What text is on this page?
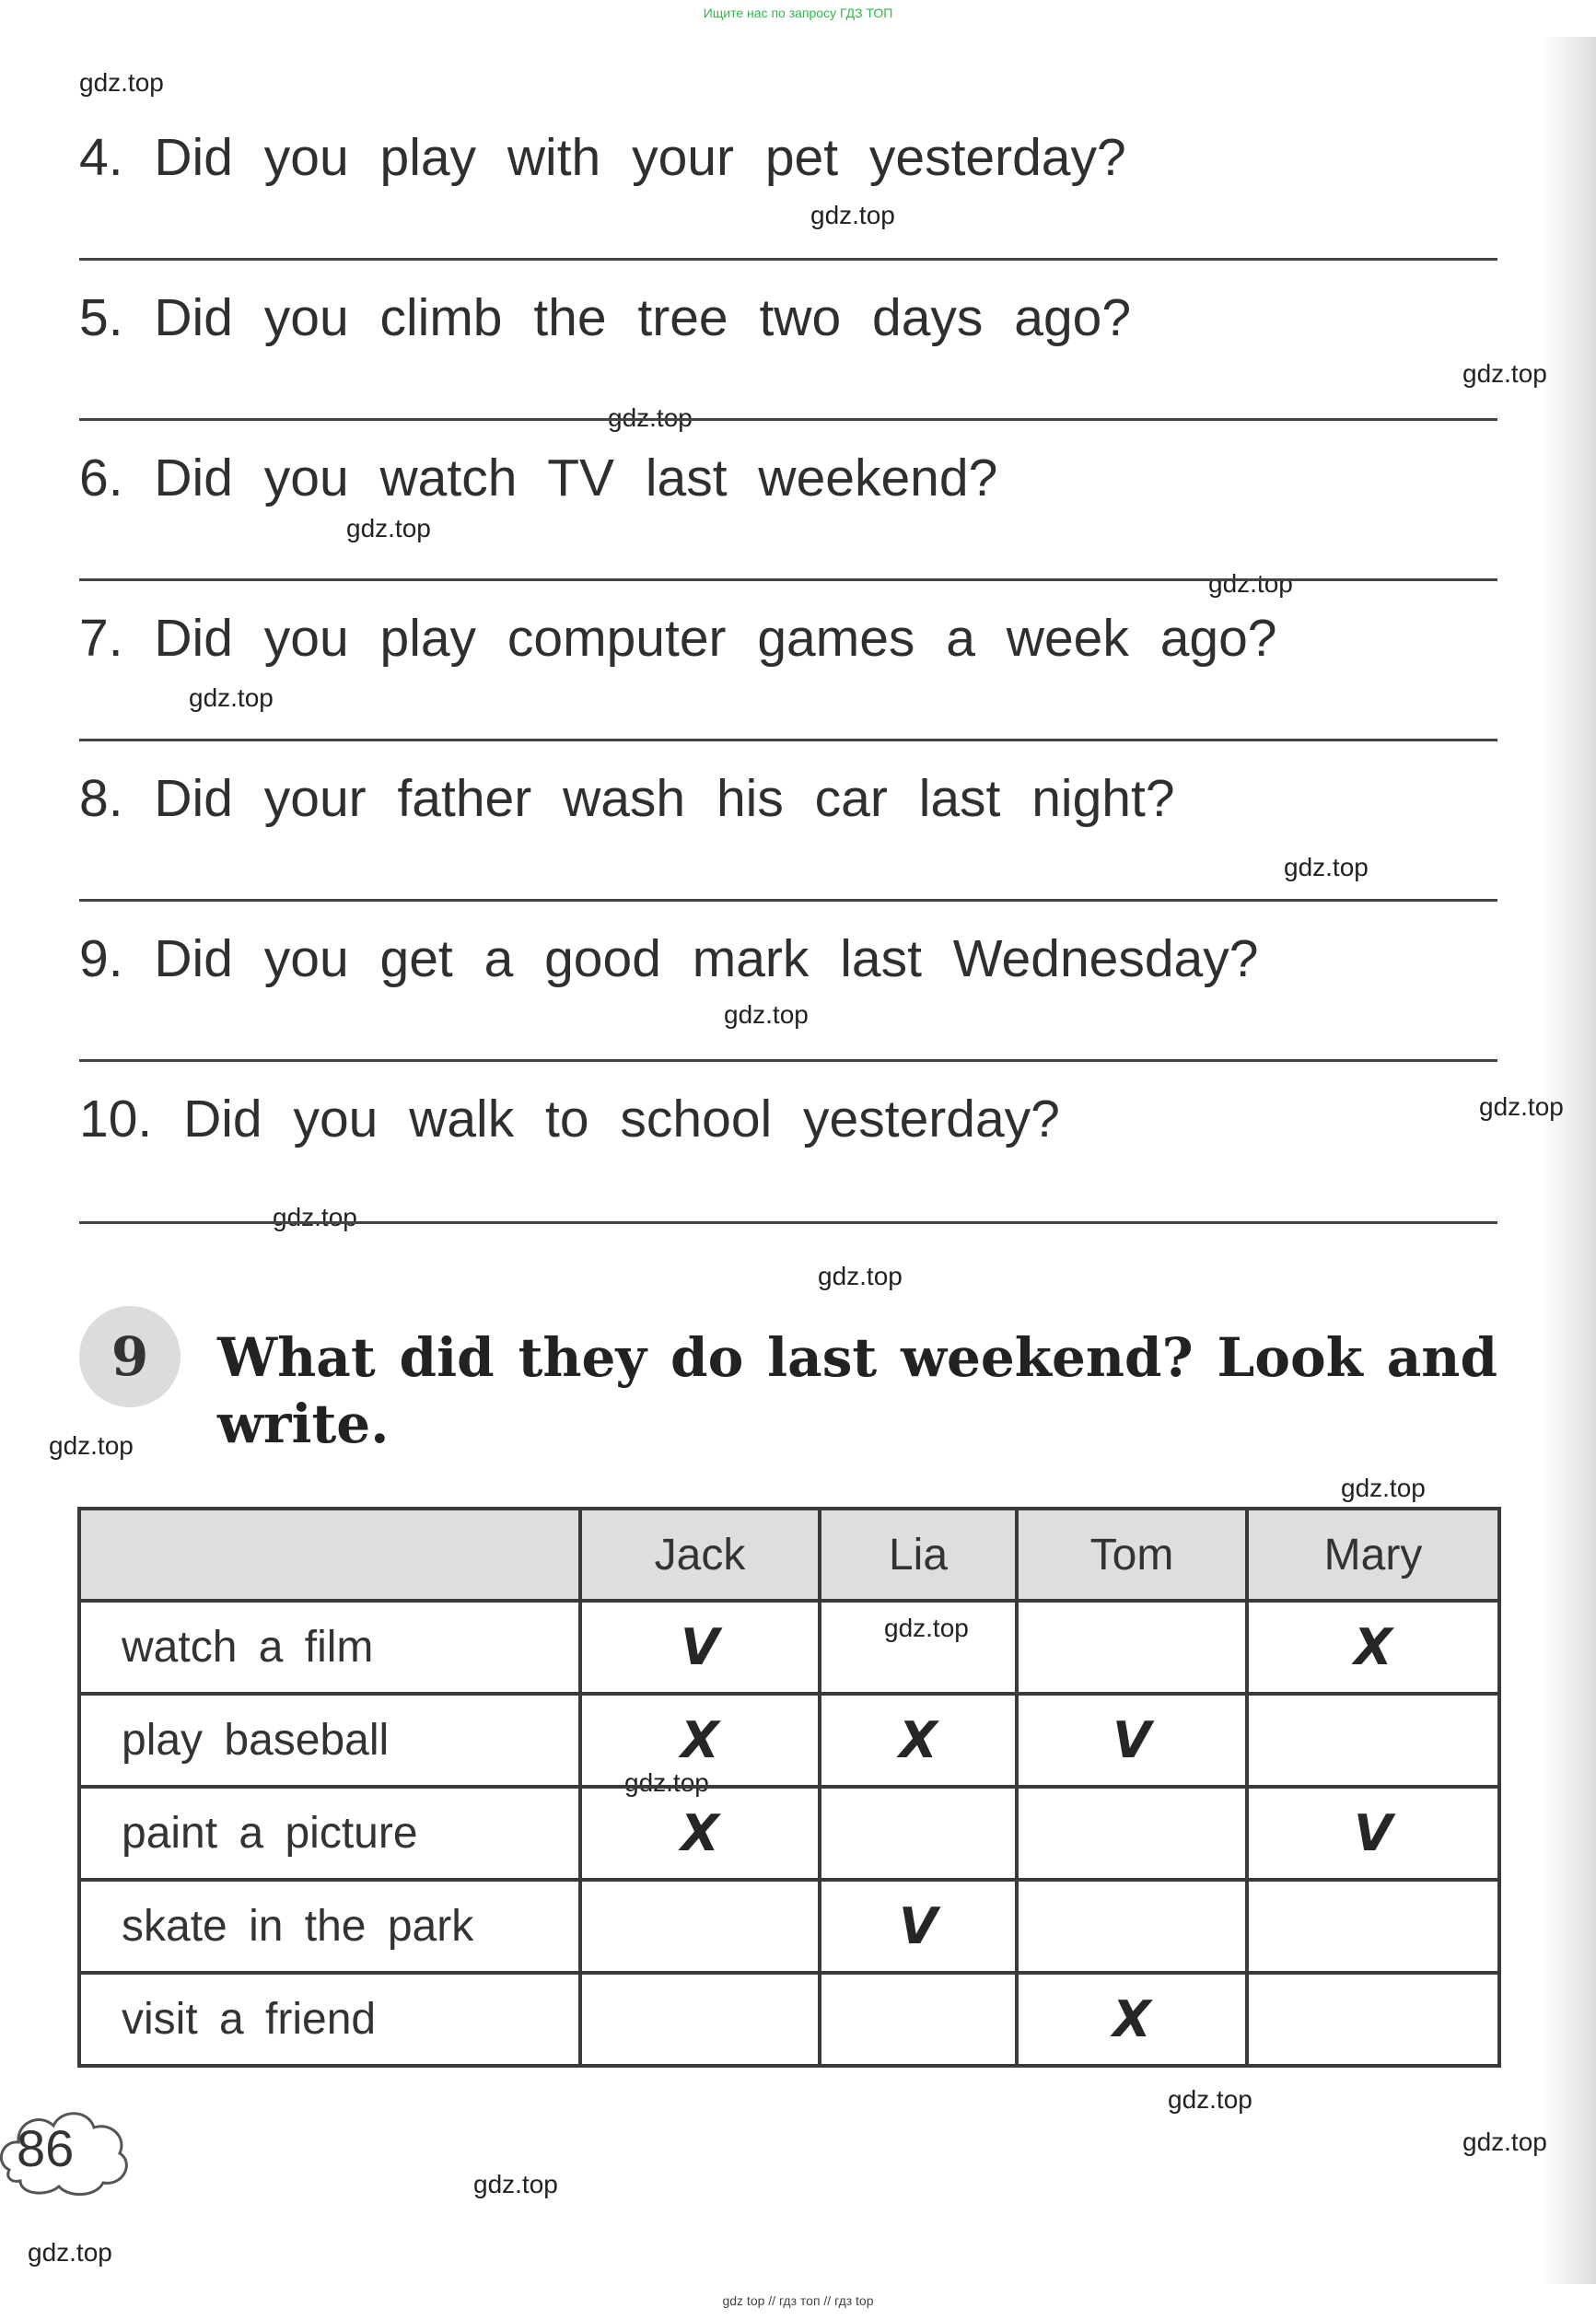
Ищите нас по запросу ГДЗ ТОП
gdz.top
gdz.top
gdz.top
gdz.top
gdz.top
gdz.top
gdz.top
gdz.top
gdz.top
gdz.top
gdz.top
gdz.top
gdz.top
gdz.top
gdz.top
gdz.top
gdz.top
gdz.top
gdz.top
gdz.top
4. Did you play with your pet yesterday?
5. Did you climb the tree two days ago?
6. Did you watch TV last weekend?
7. Did you play computer games a week ago?
8. Did your father wash his car last night?
9. Did you get a good mark last Wednesday?
10. Did you walk to school yesterday?
9	What did they do last weekend? Look and write.
	Jack	Lia	Tom	Mary
watch a film	V			X
play baseball	X	X	V	
paint a picture	X			V
skate in the park		V		
visit a friend			X	
86
gdz top // гдз топ // гдз top
